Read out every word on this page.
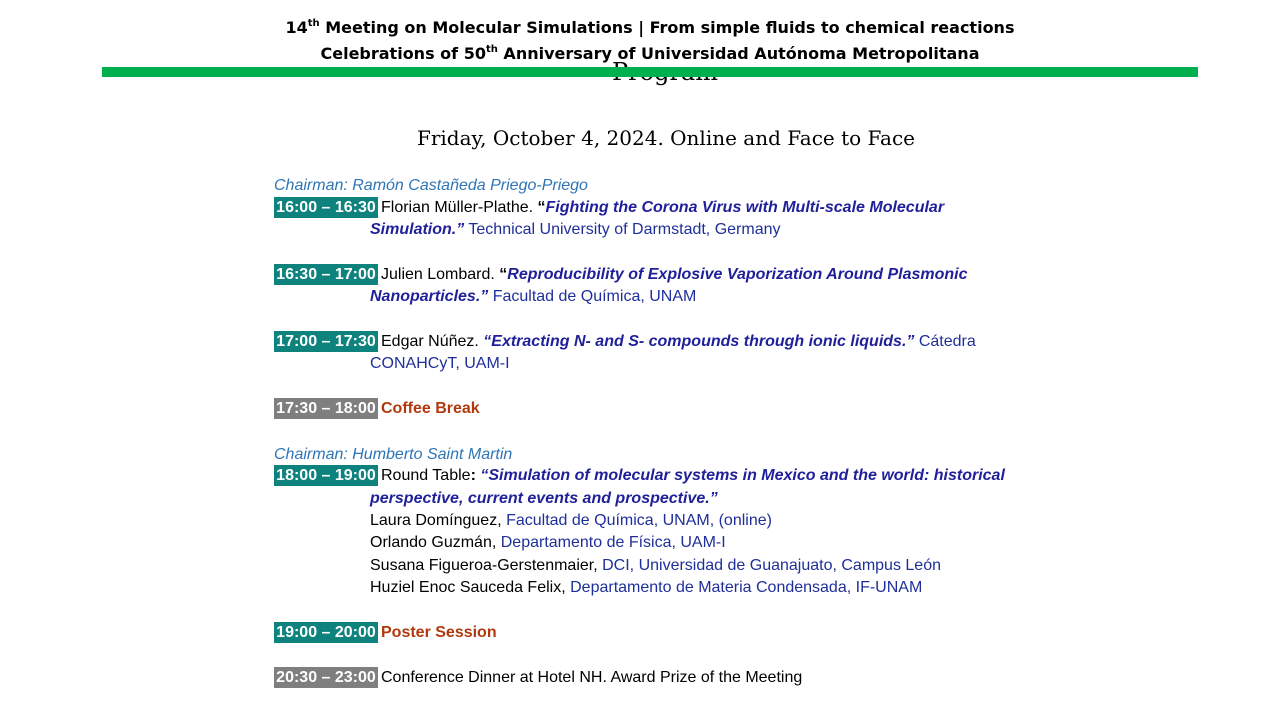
14th Meeting on Molecular Simulations | From simple fluids to chemical reactions
Celebrations of 50th Anniversary of Universidad Autónoma Metropolitana
Friday, October 4, 2024. Online and Face to Face
Chairman: Ramón Castañeda Priego-Priego
16:00 – 16:30 Florian Müller-Plathe. “Fighting the Corona Virus with Multi-scale Molecular
Simulation.” Technical University of Darmstadt, Germany
16:30 – 17:00 Julien Lombard. “Reproducibility of Explosive Vaporization Around Plasmonic
Nanoparticles.” Facultad de Química, UNAM
17:00 – 17:30 Edgar Núñez. “Extracting N- and S- compounds through ionic liquids.” Cátedra
CONAHCyT, UAM-I
17:30 – 18:00 Coffee Break
Chairman: Humberto Saint Martin
18:00 – 19:00 Round Table: “Simulation of molecular systems in Mexico and the world: historical
perspective, current events and prospective.”
Laura Domínguez, Facultad de Química, UNAM, (online)
Orlando Guzmán, Departamento de Física, UAM-I
Susana Figueroa-Gerstenmaier, DCI, Universidad de Guanajuato, Campus León
Huziel Enoc Sauceda Felix, Departamento de Materia Condensada, IF-UNAM
19:00 – 20:00 Poster Session
20:30 – 23:00 Conference Dinner at Hotel NH. Award Prize of the Meeting
